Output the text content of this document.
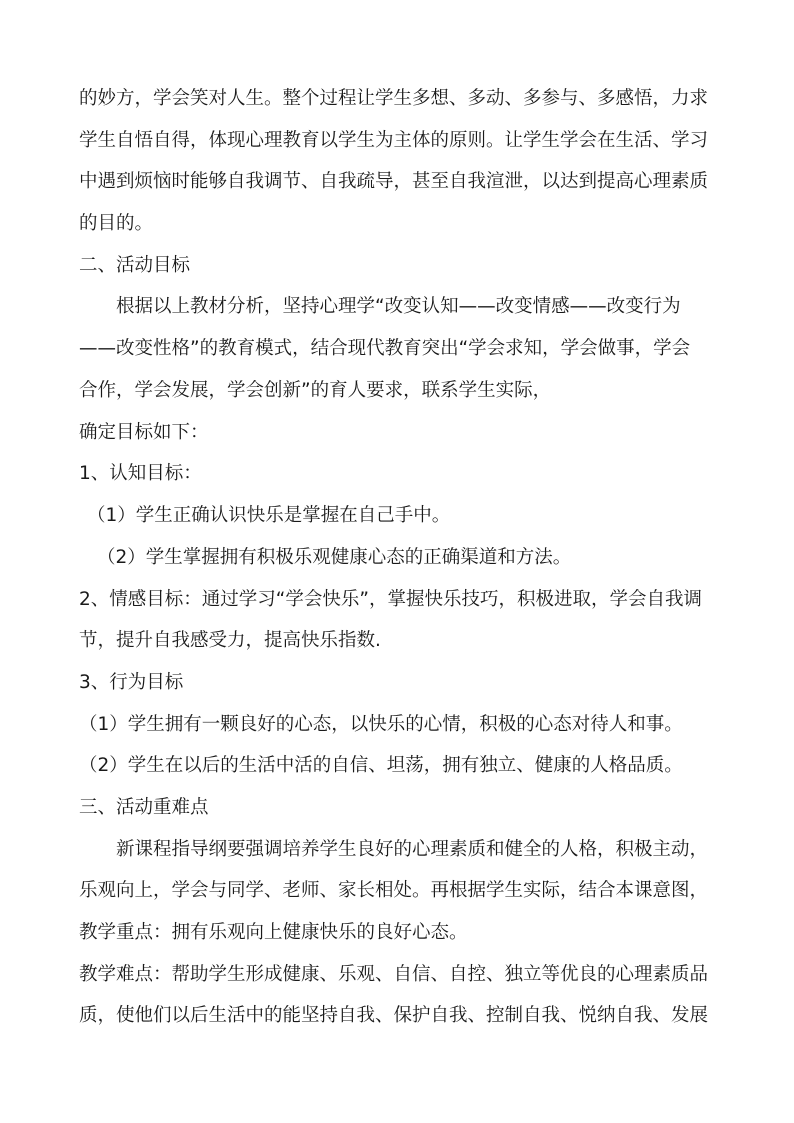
的妙方，学会笑对人生。整个过程让学生多想、多动、多参与、多感悟，力求
学生自悟自得，体现心理教育以学生为主体的原则。让学生学会在生活、学习
中遇到烦恼时能够自我调节、自我疏导，甚至自我渲泄，以达到提高心理素质
的目的。
二、活动目标
根据以上教材分析，坚持心理学“改变认知——改变情感——改变行为
——改变性格”的教育模式，结合现代教育突出“学会求知，学会做事，学会
合作，学会发展，学会创新”的育人要求，联系学生实际，
确定目标如下：
1、认知目标：
（1）学生正确认识快乐是掌握在自己手中。
（2）学生掌握拥有积极乐观健康心态的正确渠道和方法。
2、情感目标：通过学习“学会快乐”，掌握快乐技巧，积极进取，学会自我调
节，提升自我感受力，提高快乐指数.
3、行为目标
（1）学生拥有一颗良好的心态，以快乐的心情，积极的心态对待人和事。
（2）学生在以后的生活中活的自信、坦荡，拥有独立、健康的人格品质。
三、活动重难点
新课程指导纲要强调培养学生良好的心理素质和健全的人格，积极主动，
乐观向上，学会与同学、老师、家长相处。再根据学生实际，结合本课意图，
教学重点：拥有乐观向上健康快乐的良好心态。
教学难点：帮助学生形成健康、乐观、自信、自控、独立等优良的心理素质品
质，使他们以后生活中的能坚持自我、保护自我、控制自我、悦纳自我、发展
